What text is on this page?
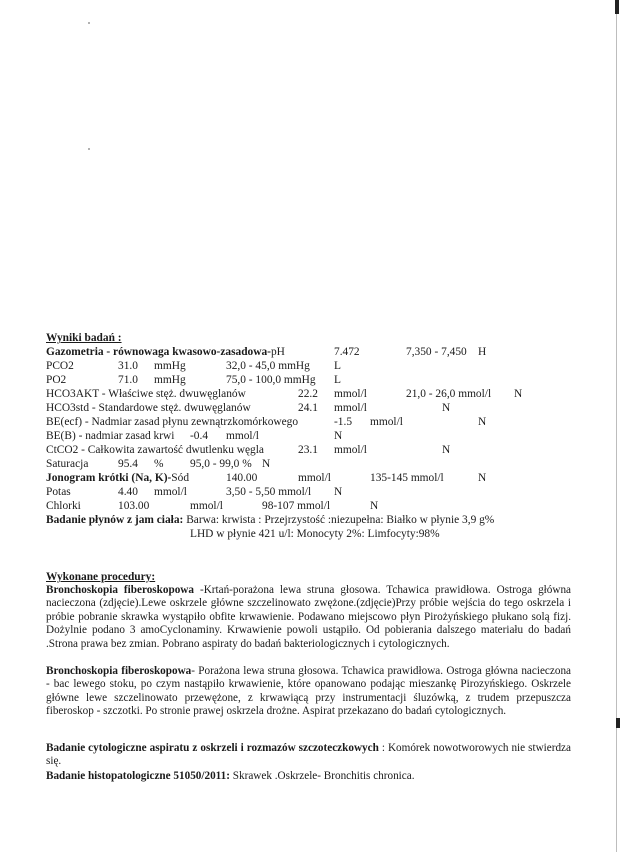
Wyniki badań :
Gazometria - równowaga kwasowo-zasadowa-pH	7.472	7,350 - 7,450 H
PCO2	31.0 mmHg	32,0 - 45,0 mmHg L
PO2	71.0 mmHg	75,0 - 100,0 mmHg L
HCO3AKT - Właściwe stęż. dwuwęglanów	22.2 mmol/l	21,0 - 26,0 mmol/l N
HCO3std - Standardowe stęż. dwuwęglanów	24.1 mmol/l	N
BE(ecf) - Nadmiar zasad płynu zewnątrzkomórkowego	-1.5 mmol/l	N
BE(B) - nadmiar zasad krwi -0.4 mmol/l	N
CtCO2 - Całkowita zawartość dwutlenku węgla	23.1 mmol/l	N
Saturacja	95.4 % 95,0 - 99,0 % N
Jonogram krótki (Na, K)-Sód	140.00	mmol/l	135-145 mmol/l	N
Potas	4.40 mmol/l	3,50 - 5,50 mmol/l N
Chlorki	103.00	mmol/l	98-107 mmol/l	N
Badanie płynów z jam ciała: Barwa: krwista : Przejrzystość :niezupełna: Białko w płynie 3,9 g%
LHD w płynie 421 u/l: Monocyty 2%: Limfocyty:98%
Wykonane procedury:
Bronchoskopia fiberoskopowa -Krtań-porażona lewa struna głosowa. Tchawica prawidłowa. Ostroga główna nacieczona (zdjęcie).Lewe oskrzele główne szczelinowato zwężone.(zdjęcie)Przy próbie wejścia do tego oskrzela i próbie pobranie skrawka wystąpiło obfite krwawienie. Podawano miejscowo płyn Pirożyńskiego płukano solą fizj. Dożylnie podano 3 amoCyclonaminy. Krwawienie powoli ustąpiło. Od pobierania dalszego materiału do badań .Strona prawa bez zmian. Pobrano aspiraty do badań bakteriologicznych i cytologicznych.
Bronchoskopia fiberoskopowa- Porażona lewa struna głosowa. Tchawica prawidłowa. Ostroga główna nacieczona - bac lewego stoku, po czym nastąpiło krwawienie, które opanowano podając mieszankę Pirozyńskiego. Oskrzele główne lewe szczelinowato przewężone, z krwawiącą przy instrumentacji śluzówką, z trudem przepuszcza fiberoskop - szczotki. Po stronie prawej oskrzela drożne. Aspirat przekazano do badań cytologicznych.
Badanie cytologiczne aspiratu z oskrzeli i rozmazów szczoteczkowych : Komórek nowotworowych nie stwierdza się.
Badanie histopatologiczne 51050/2011: Skrawek .Oskrzele- Bronchitis chronica.
